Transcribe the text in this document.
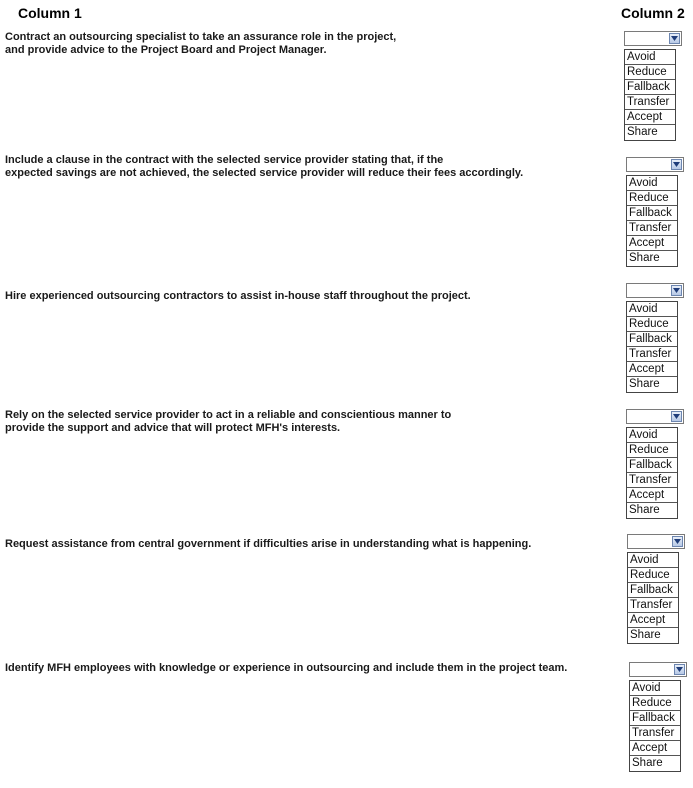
Column 1	Column 2
Contract an outsourcing specialist to take an assurance role in the project,
and provide advice to the Project Board and Project Manager.
Avoid
Reduce
Fallback
Transfer
Accept
Share
Include a clause in the contract with the selected service provider stating that, if the
expected savings are not achieved, the selected service provider will reduce their fees accordingly.
Avoid
Reduce
Fallback
Transfer
Accept
Share
Hire experienced outsourcing contractors to assist in-house staff throughout the project.
Avoid
Reduce
Fallback
Transfer
Accept
Share
Rely on the selected service provider to act in a reliable and conscientious manner to
provide the support and advice that will protect MFH's interests.
Avoid
Reduce
Fallback
Transfer
Accept
Share
Request assistance from central government if difficulties arise in understanding what is happening.
Avoid
Reduce
Fallback
Transfer
Accept
Share
Identify MFH employees with knowledge or experience in outsourcing and include them in the project team.
Avoid
Reduce
Fallback
Transfer
Accept
Share
